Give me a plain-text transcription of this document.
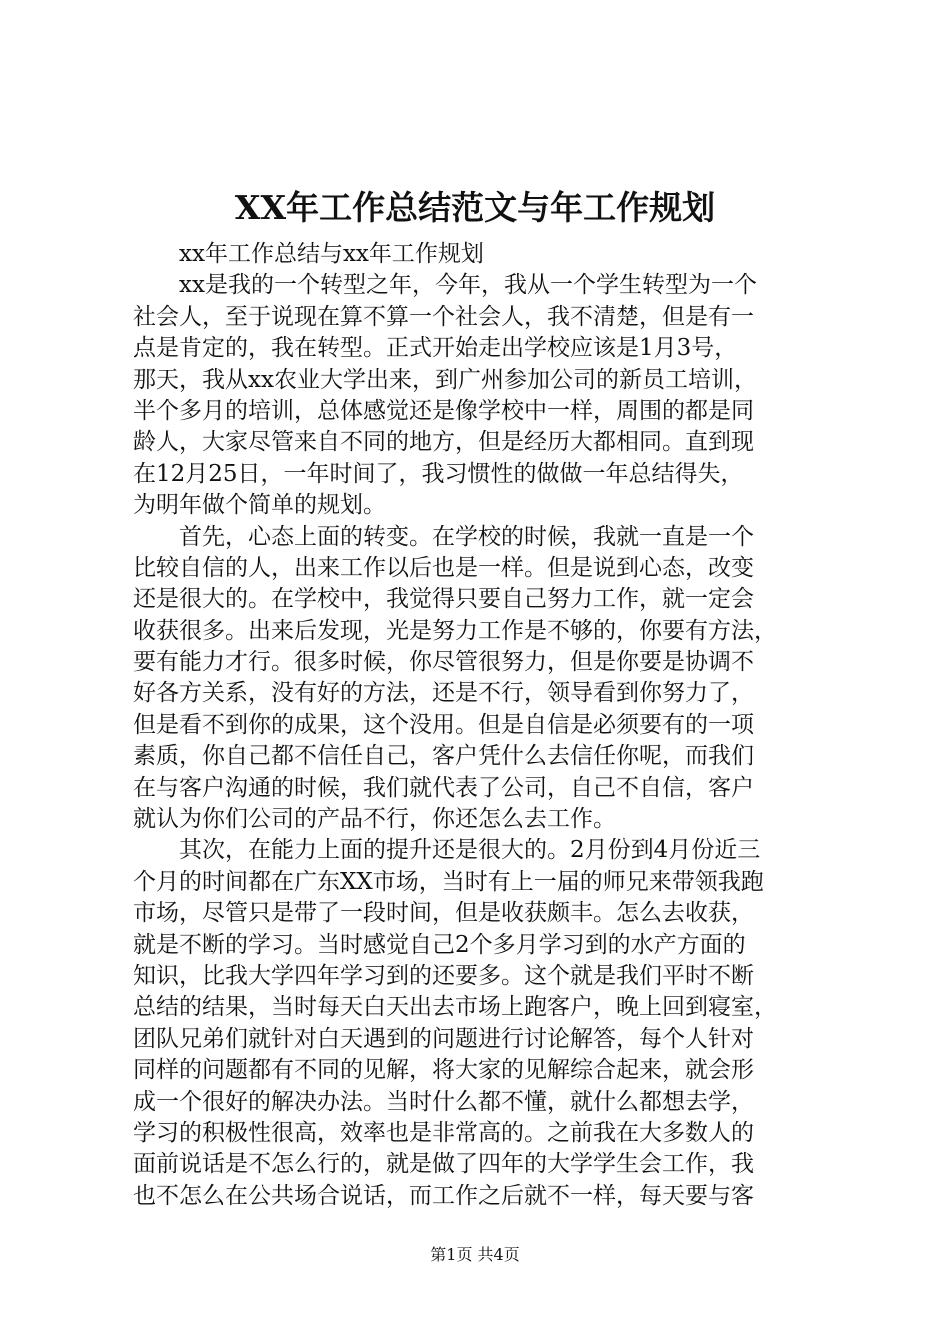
XX年工作总结范文与年工作规划
xx年工作总结与xx年工作规划
xx是我的一个转型之年，今年，我从一个学生转型为一个
社会人，至于说现在算不算一个社会人，我不清楚，但是有一
点是肯定的，我在转型。正式开始走出学校应该是1月3号，
那天，我从xx农业大学出来，到广州参加公司的新员工培训，
半个多月的培训，总体感觉还是像学校中一样，周围的都是同
龄人，大家尽管来自不同的地方，但是经历大都相同。直到现
在12月25日，一年时间了，我习惯性的做做一年总结得失，
为明年做个简单的规划。
首先，心态上面的转变。在学校的时候，我就一直是一个
比较自信的人，出来工作以后也是一样。但是说到心态，改变
还是很大的。在学校中，我觉得只要自己努力工作，就一定会
收获很多。出来后发现，光是努力工作是不够的，你要有方法，
要有能力才行。很多时候，你尽管很努力，但是你要是协调不
好各方关系，没有好的方法，还是不行，领导看到你努力了，
但是看不到你的成果，这个没用。但是自信是必须要有的一项
素质，你自己都不信任自己，客户凭什么去信任你呢，而我们
在与客户沟通的时候，我们就代表了公司，自己不自信，客户
就认为你们公司的产品不行，你还怎么去工作。
其次，在能力上面的提升还是很大的。2月份到4月份近三
个月的时间都在广东XX市场，当时有上一届的师兄来带领我跑
市场，尽管只是带了一段时间，但是收获颇丰。怎么去收获，
就是不断的学习。当时感觉自己2个多月学习到的水产方面的
知识，比我大学四年学习到的还要多。这个就是我们平时不断
总结的结果，当时每天白天出去市场上跑客户，晚上回到寝室，
团队兄弟们就针对白天遇到的问题进行讨论解答，每个人针对
同样的问题都有不同的见解，将大家的见解综合起来，就会形
成一个很好的解决办法。当时什么都不懂，就什么都想去学，
学习的积极性很高，效率也是非常高的。之前我在大多数人的
面前说话是不怎么行的，就是做了四年的大学学生会工作，我
也不怎么在公共场合说话，而工作之后就不一样，每天要与客
第1页 共4页
